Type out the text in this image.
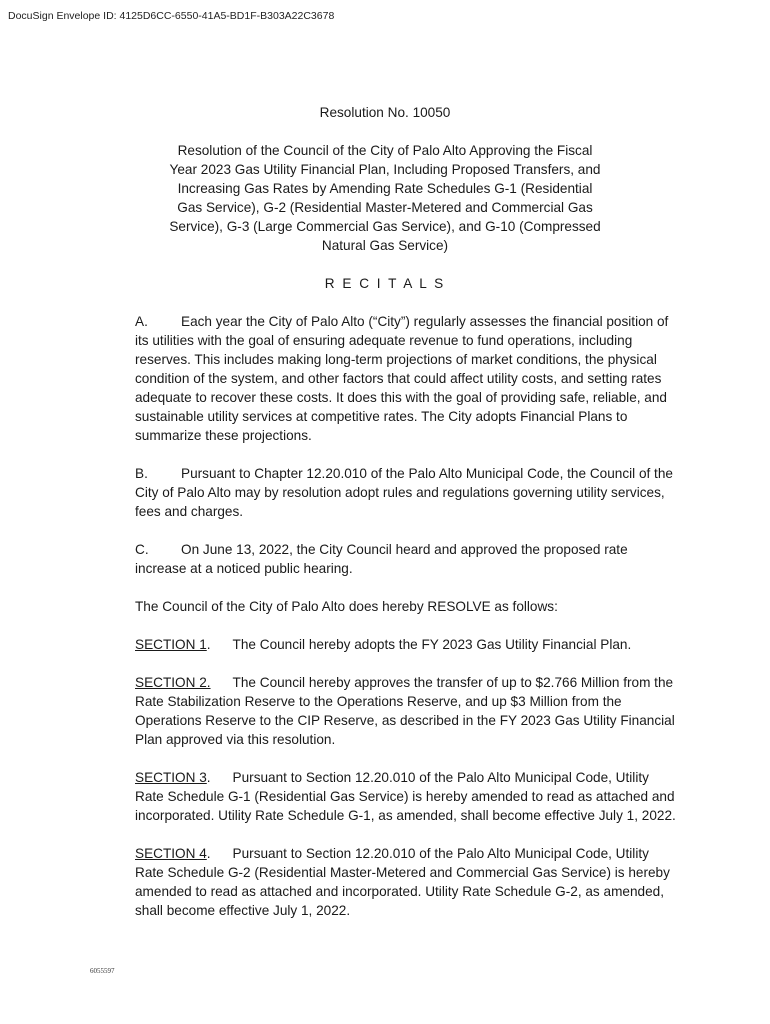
DocuSign Envelope ID: 4125D6CC-6550-41A5-BD1F-B303A22C3678
Resolution No. 10050
Resolution of the Council of the City of Palo Alto Approving the Fiscal Year 2023 Gas Utility Financial Plan, Including Proposed Transfers, and Increasing Gas Rates by Amending Rate Schedules G-1 (Residential Gas Service), G-2 (Residential Master-Metered and Commercial Gas Service), G-3 (Large Commercial Gas Service), and G-10 (Compressed Natural Gas Service)
R E C I T A L S

A. Each year the City of Palo Alto (“City”) regularly assesses the financial position of its utilities with the goal of ensuring adequate revenue to fund operations, including reserves. This includes making long-term projections of market conditions, the physical condition of the system, and other factors that could affect utility costs, and setting rates adequate to recover these costs. It does this with the goal of providing safe, reliable, and sustainable utility services at competitive rates. The City adopts Financial Plans to summarize these projections.

B. Pursuant to Chapter 12.20.010 of the Palo Alto Municipal Code, the Council of the City of Palo Alto may by resolution adopt rules and regulations governing utility services, fees and charges.

C. On June 13, 2022, the City Council heard and approved the proposed rate increase at a noticed public hearing.

The Council of the City of Palo Alto does hereby RESOLVE as follows:

SECTION 1. The Council hereby adopts the FY 2023 Gas Utility Financial Plan.

SECTION 2. The Council hereby approves the transfer of up to $2.766 Million from the Rate Stabilization Reserve to the Operations Reserve, and up $3 Million from the Operations Reserve to the CIP Reserve, as described in the FY 2023 Gas Utility Financial Plan approved via this resolution.

SECTION 3. Pursuant to Section 12.20.010 of the Palo Alto Municipal Code, Utility Rate Schedule G-1 (Residential Gas Service) is hereby amended to read as attached and incorporated. Utility Rate Schedule G-1, as amended, shall become effective July 1, 2022.

SECTION 4. Pursuant to Section 12.20.010 of the Palo Alto Municipal Code, Utility Rate Schedule G-2 (Residential Master-Metered and Commercial Gas Service) is hereby amended to read as attached and incorporated. Utility Rate Schedule G-2, as amended, shall become effective July 1, 2022.

6055597
